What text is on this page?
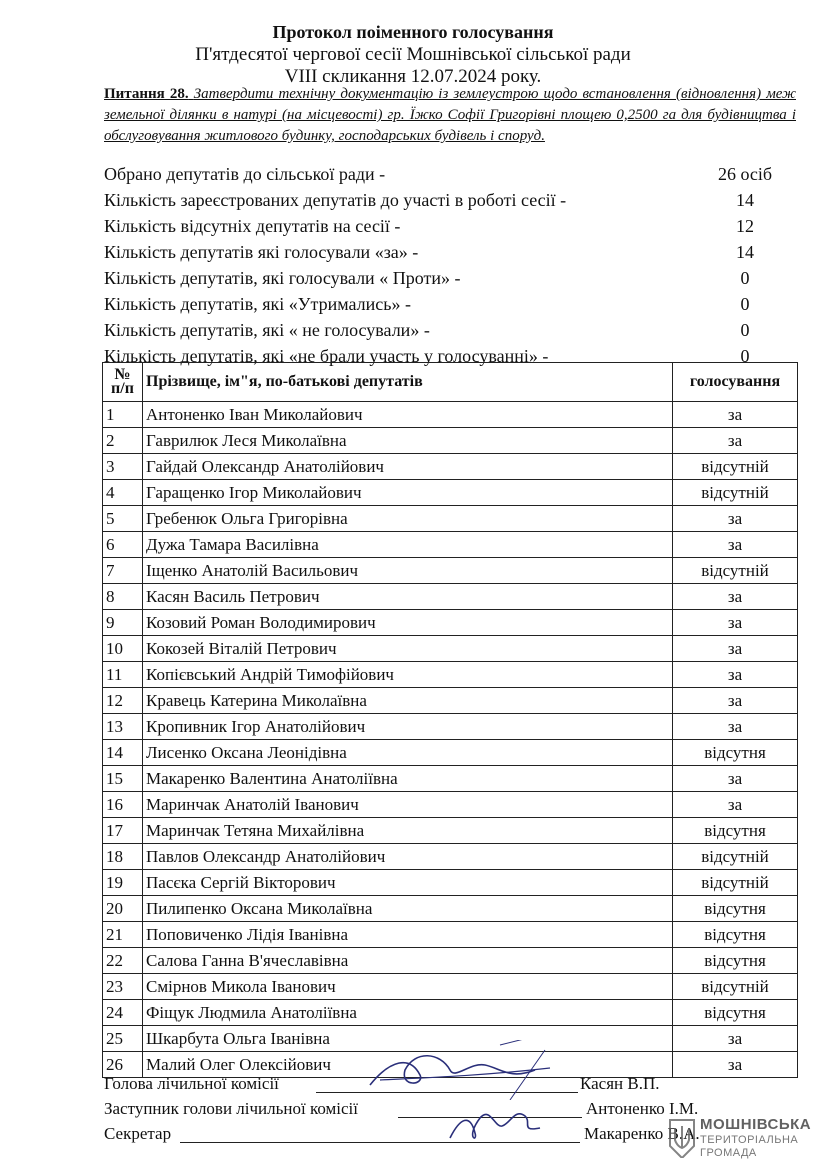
Протокол поіменного голосування
П'ятдесятої чергової сесії Мошнівської сільської ради
VIII скликання 12.07.2024 року.
Питання 28. Затвердити технічну документацію із землеустрою щодо встановлення (відновлення) меж земельної ділянки в натурі (на місцевості) гр. Їжко Софії Григорівні площею 0,2500 га для будівництва і обслуговування житлового будинку, господарських будівель і споруд.
Обрано депутатів до сільської ради -	26 осіб
Кількість зареєстрованих депутатів до участі в роботі сесії -	14
Кількість відсутніх депутатів на сесії -	12
Кількість депутатів які голосували «за» -	14
Кількість депутатів, які голосували « Проти» -	0
Кількість депутатів, які «Утримались» -	0
Кількість депутатів, які « не голосували» -	0
Кількість депутатів, які «не брали участь у голосуванні» -	0
№ п/п	Прізвище, ім"я, по-батькові депутатів	голосування
1	Антоненко Іван Миколайович	за
2	Гаврилюк Леся Миколаївна	за
3	Гайдай Олександр Анатолійович	відсутній
4	Гаращенко Ігор Миколайович	відсутній
5	Гребенюк Ольга Григорівна	за
6	Дужа Тамара Василівна	за
7	Іщенко Анатолій Васильович	відсутній
8	Касян Василь Петрович	за
9	Козовий Роман Володимирович	за
10	Кокозей Віталій Петрович	за
11	Копієвський Андрій Тимофійович	за
12	Кравець Катерина Миколаївна	за
13	Кропивник Ігор Анатолійович	за
14	Лисенко Оксана Леонідівна	відсутня
15	Макаренко Валентина Анатоліївна	за
16	Маринчак Анатолій Іванович	за
17	Маринчак Тетяна Михайлівна	відсутня
18	Павлов Олександр Анатолійович	відсутній
19	Пасєка Сергій Вікторович	відсутній
20	Пилипенко Оксана Миколаївна	відсутня
21	Поповиченко Лідія Іванівна	відсутня
22	Салова Ганна В'ячеславівна	відсутня
23	Смірнов Микола Іванович	відсутній
24	Фіщук Людмила Анатоліївна	відсутня
25	Шкарбута Ольга Іванівна	за
26	Малий Олег Олексійович	за
Голова лічильної комісії	Касян В.П.
Заступник голови лічильної комісії	Антоненко І.М.
Секретар	Макаренко В.А. МОШНІВСЬКА
ТЕРИТОРІАЛЬНА
ГРОМАДА
